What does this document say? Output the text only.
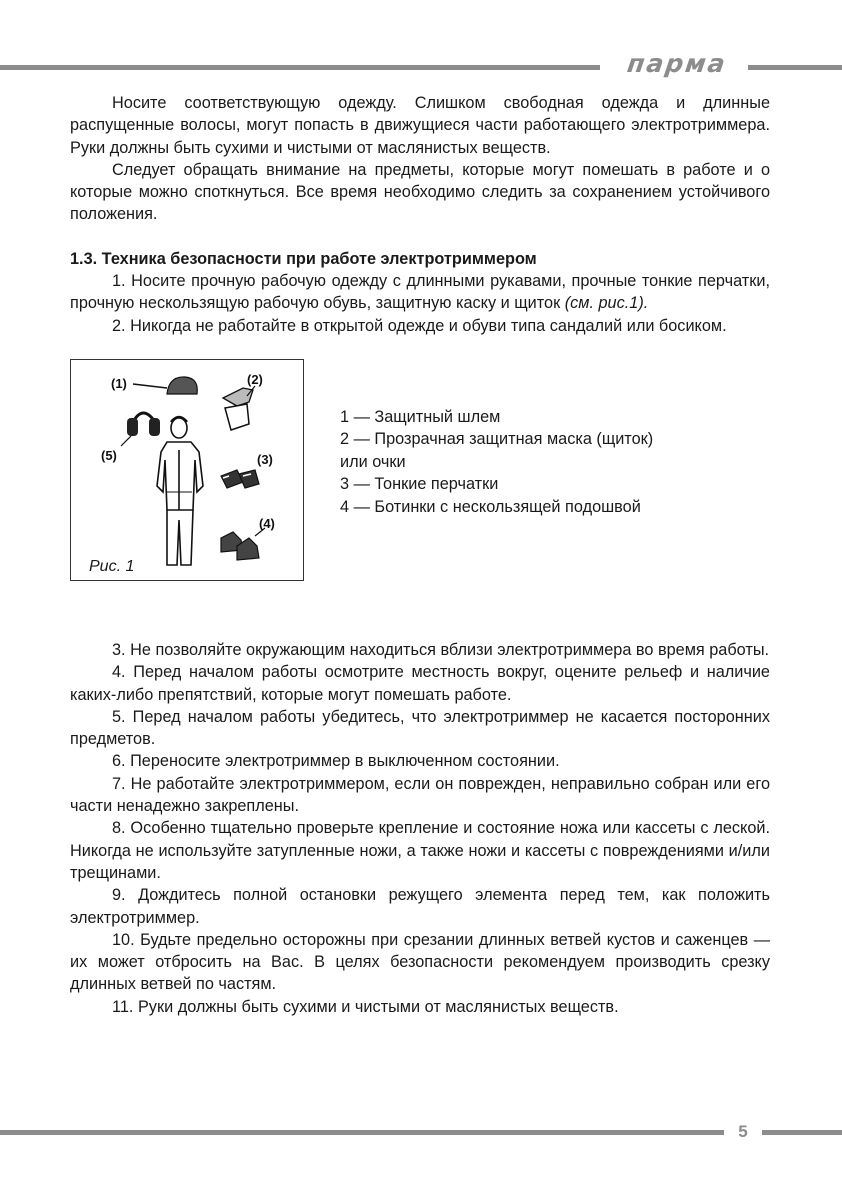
парма

Носите соответствующую одежду. Слишком свободная одежда и длинные распущенные волосы, могут попасть в движущиеся части работающего электротриммера. Руки должны быть сухими и чистыми от маслянистых веществ.

Следует обращать внимание на предметы, которые могут помешать в работе и о которые можно споткнуться. Все время необходимо следить за сохранением устойчивого положения.

1.3. Техника безопасности при работе электротриммером

1. Носите прочную рабочую одежду с длинными рукавами, прочные тонкие перчатки, прочную нескользящую рабочую обувь, защитную каску и щиток (см. рис.1).

2. Никогда не работайте в открытой одежде и обуви типа сандалий или босиком.

(1)	(2)
(3)
(4)
(5)
Рис. 1
1 — Защитный шлем
2 — Прозрачная защитная маска (щиток)
или очки
3 — Тонкие перчатки
4 — Ботинки с нескользящей подошвой

3. Не позволяйте окружающим находиться вблизи электротриммера во время работы.

4. Перед началом работы осмотрите местность вокруг, оцените рельеф и наличие каких-либо препятствий, которые могут помешать работе.

5. Перед началом работы убедитесь, что электротриммер не касается посторонних предметов.

6. Переносите электротриммер в выключенном состоянии.

7. Не работайте электротриммером, если он поврежден, неправильно собран или его части ненадежно закреплены.

8. Особенно тщательно проверьте крепление и состояние ножа или кассеты с леской. Никогда не используйте затупленные ножи, а также ножи и кассеты с повреждениями и/или трещинами.

9. Дождитесь полной остановки режущего элемента перед тем, как положить электротриммер.

10. Будьте предельно осторожны при срезании длинных ветвей кустов и саженцев — их может отбросить на Вас. В целях безопасности рекомендуем производить срезку длинных ветвей по частям.

11. Руки должны быть сухими и чистыми от маслянистых веществ.

5
